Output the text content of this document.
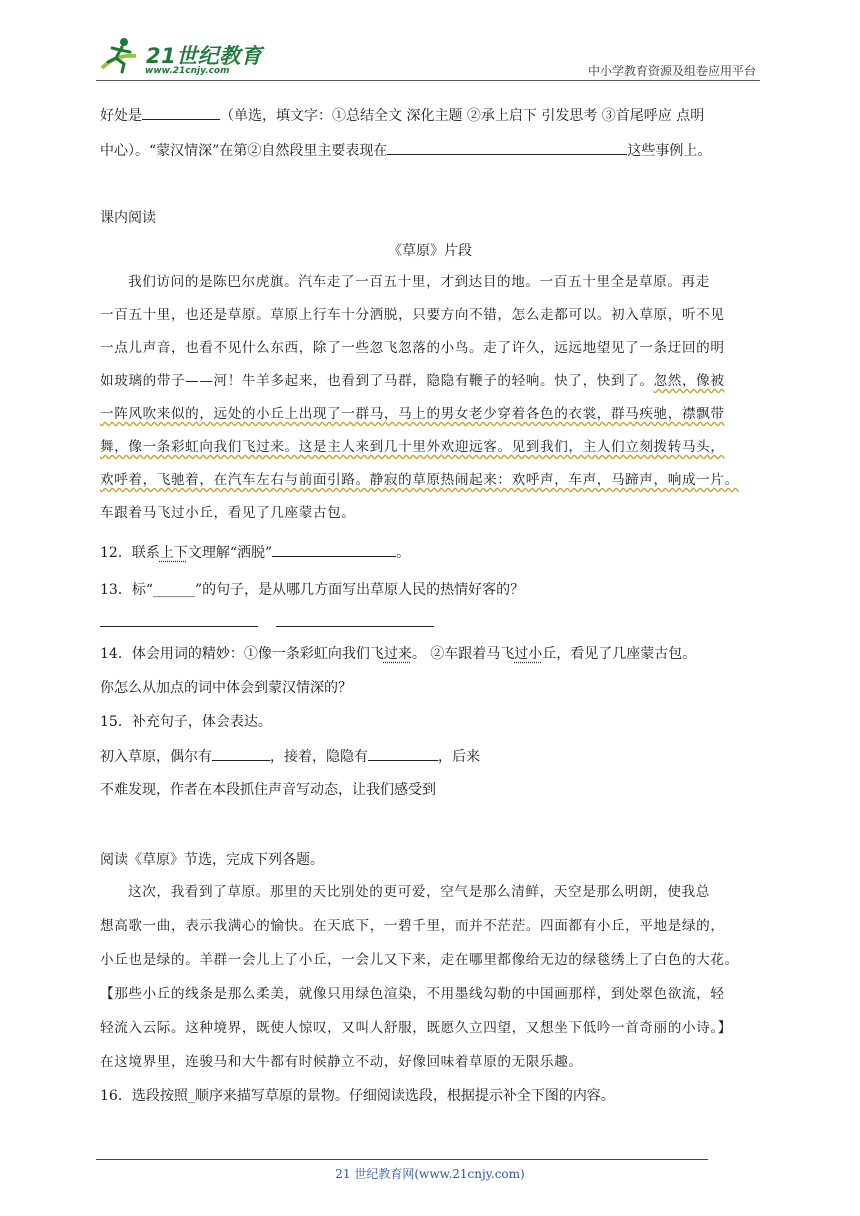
21世纪教育
www.21cnjy.com	中小学教育资源及组卷应用平台
好处是	（单选，填文字：①总结全文 深化主题 ②承上启下 引发思考 ③首尾呼应 点明
中心）。“蒙汉情深”在第②自然段里主要表现在	这些事例上。
课内阅读
《草原》片段
我们访问的是陈巴尔虎旗。汽车走了一百五十里，才到达目的地。一百五十里全是草原。再走
一百五十里，也还是草原。草原上行车十分洒脱，只要方向不错，怎么走都可以。初入草原，听不见
一点儿声音，也看不见什么东西，除了一些忽飞忽落的小鸟。走了许久，远远地望见了一条迂回的明
如玻璃的带子——河！牛羊多起来，也看到了马群，隐隐有鞭子的轻响。快了，快到了。忽然，像被
一阵风吹来似的，远处的小丘上出现了一群马，马上的男女老少穿着各色的衣裳，群马疾驰，襟飘带
舞，像一条彩虹向我们飞过来。这是主人来到几十里外欢迎远客。见到我们，主人们立刻拨转马头，
欢呼着，飞驰着，在汽车左右与前面引路。静寂的草原热闹起来：欢呼声，车声，马蹄声，响成一片。
车跟着马飞过小丘，看见了几座蒙古包。
12．联系上下文理解“洒脱”	。
13．标“______”的句子，是从哪几方面写出草原人民的热情好客的？
14．体会用词的精妙：①像一条彩虹向我们飞过来。 ②车跟着马飞过小丘，看见了几座蒙古包。
你怎么从加点的词中体会到蒙汉情深的？
15．补充句子，体会表达。
初入草原，偶尔有	，接着，隐隐有	，后来
不难发现，作者在本段抓住声音写动态，让我们感受到
阅读《草原》节选，完成下列各题。
这次，我看到了草原。那里的天比别处的更可爱，空气是那么清鲜，天空是那么明朗，使我总
想高歌一曲，表示我满心的愉快。在天底下，一碧千里，而并不茫茫。四面都有小丘，平地是绿的，
小丘也是绿的。羊群一会儿上了小丘，一会儿又下来，走在哪里都像给无边的绿毯绣上了白色的大花。
【那些小丘的线条是那么柔美，就像只用绿色渲染，不用墨线勾勒的中国画那样，到处翠色欲流，轻
轻流入云际。这种境界，既使人惊叹，又叫人舒服，既愿久立四望，又想坐下低吟一首奇丽的小诗。】
在这境界里，连骏马和大牛都有时候静立不动，好像回味着草原的无限乐趣。
16．选段按照_顺序来描写草原的景物。仔细阅读选段，根据提示补全下图的内容。
21 世纪教育网(www.21cnjy.com)
